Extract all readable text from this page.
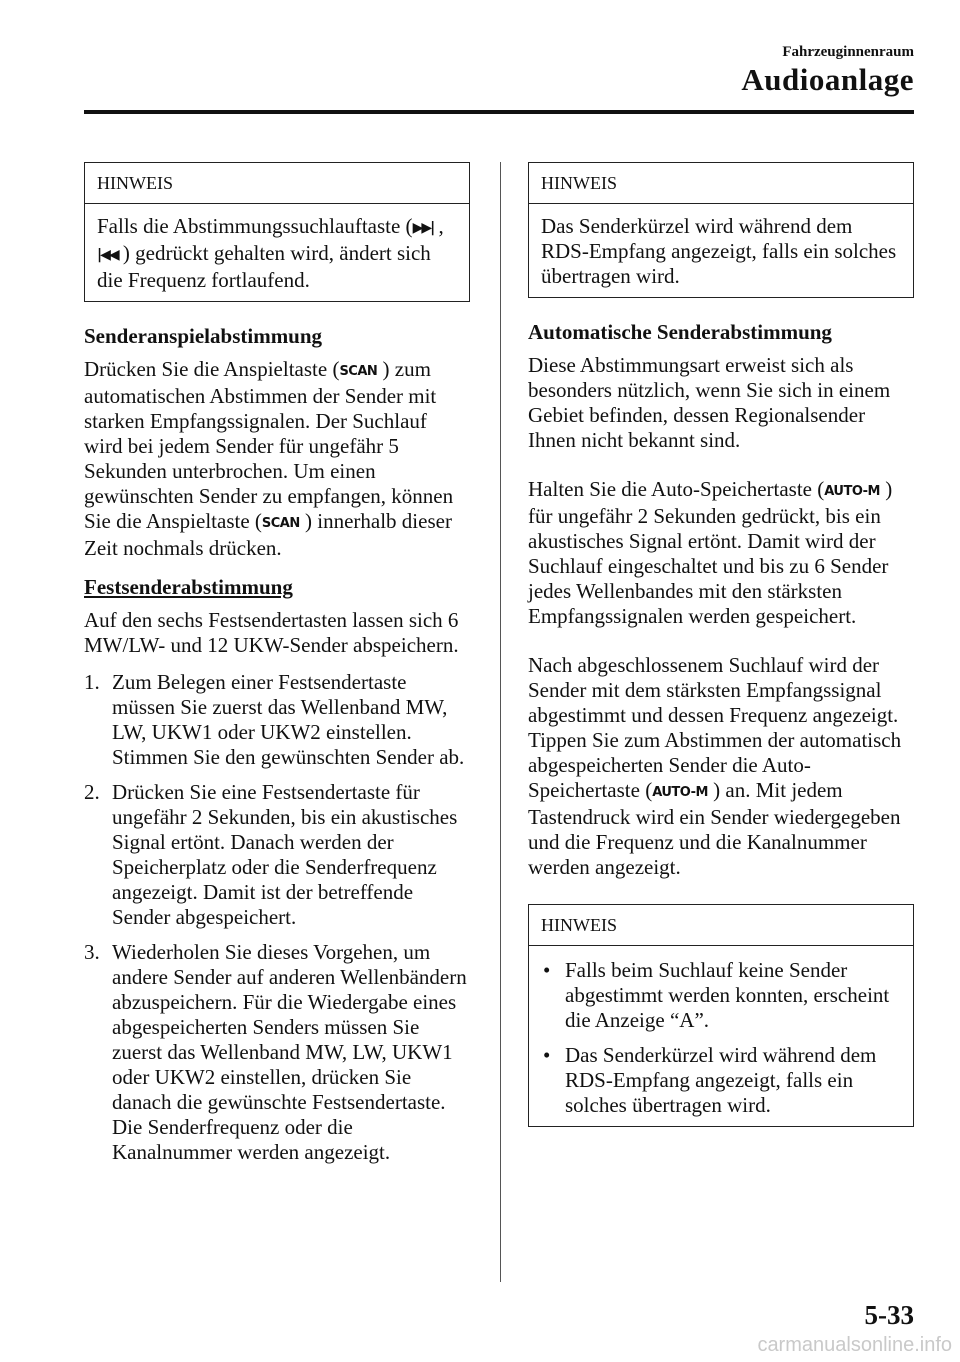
Fahrzeuginnenraum
Audioanlage
HINWEIS

Falls die Abstimmungssuchlauftaste (▶▶| , |◀◀ ) gedrückt gehalten wird, ändert sich die Frequenz fortlaufend.

Senderanspielabstimmung

Drücken Sie die Anspieltaste (SCAN ) zum automatischen Abstimmen der Sender mit starken Empfangssignalen. Der Suchlauf wird bei jedem Sender für ungefähr 5 Sekunden unterbrochen. Um einen gewünschten Sender zu empfangen, können Sie die Anspieltaste (SCAN ) innerhalb dieser Zeit nochmals drücken.

Festsenderabstimmung

Auf den sechs Festsendertasten lassen sich 6 MW/LW- und 12 UKW-Sender abspeichern.

1. Zum Belegen einer Festsendertaste müssen Sie zuerst das Wellenband MW, LW, UKW1 oder UKW2 einstellen. Stimmen Sie den gewünschten Sender ab.
2. Drücken Sie eine Festsendertaste für ungefähr 2 Sekunden, bis ein akustisches Signal ertönt. Danach werden der Speicherplatz oder die Senderfrequenz angezeigt. Damit ist der betreffende Sender abgespeichert.
3. Wiederholen Sie dieses Vorgehen, um andere Sender auf anderen Wellenbändern abzuspeichern. Für die Wiedergabe eines abgespeicherten Senders müssen Sie zuerst das Wellenband MW, LW, UKW1 oder UKW2 einstellen, drücken Sie danach die gewünschte Festsendertaste. Die Senderfrequenz oder die Kanalnummer werden angezeigt.
HINWEIS

Das Senderkürzel wird während dem RDS-Empfang angezeigt, falls ein solches übertragen wird.

Automatische Senderabstimmung

Diese Abstimmungsart erweist sich als besonders nützlich, wenn Sie sich in einem Gebiet befinden, dessen Regionalsender Ihnen nicht bekannt sind.

Halten Sie die Auto-Speichertaste (AUTO-M ) für ungefähr 2 Sekunden gedrückt, bis ein akustisches Signal ertönt. Damit wird der Suchlauf eingeschaltet und bis zu 6 Sender jedes Wellenbandes mit den stärksten Empfangssignalen werden gespeichert.

Nach abgeschlossenem Suchlauf wird der Sender mit dem stärksten Empfangssignal abgestimmt und dessen Frequenz angezeigt. Tippen Sie zum Abstimmen der automatisch abgespeicherten Sender die Auto-Speichertaste (AUTO-M ) an. Mit jedem Tastendruck wird ein Sender wiedergegeben und die Frequenz und die Kanalnummer werden angezeigt.

HINWEIS
• Falls beim Suchlauf keine Sender abgestimmt werden konnten, erscheint die Anzeige “A”.
• Das Senderkürzel wird während dem RDS-Empfang angezeigt, falls ein solches übertragen wird.
5-33
carmanualsonline.info
